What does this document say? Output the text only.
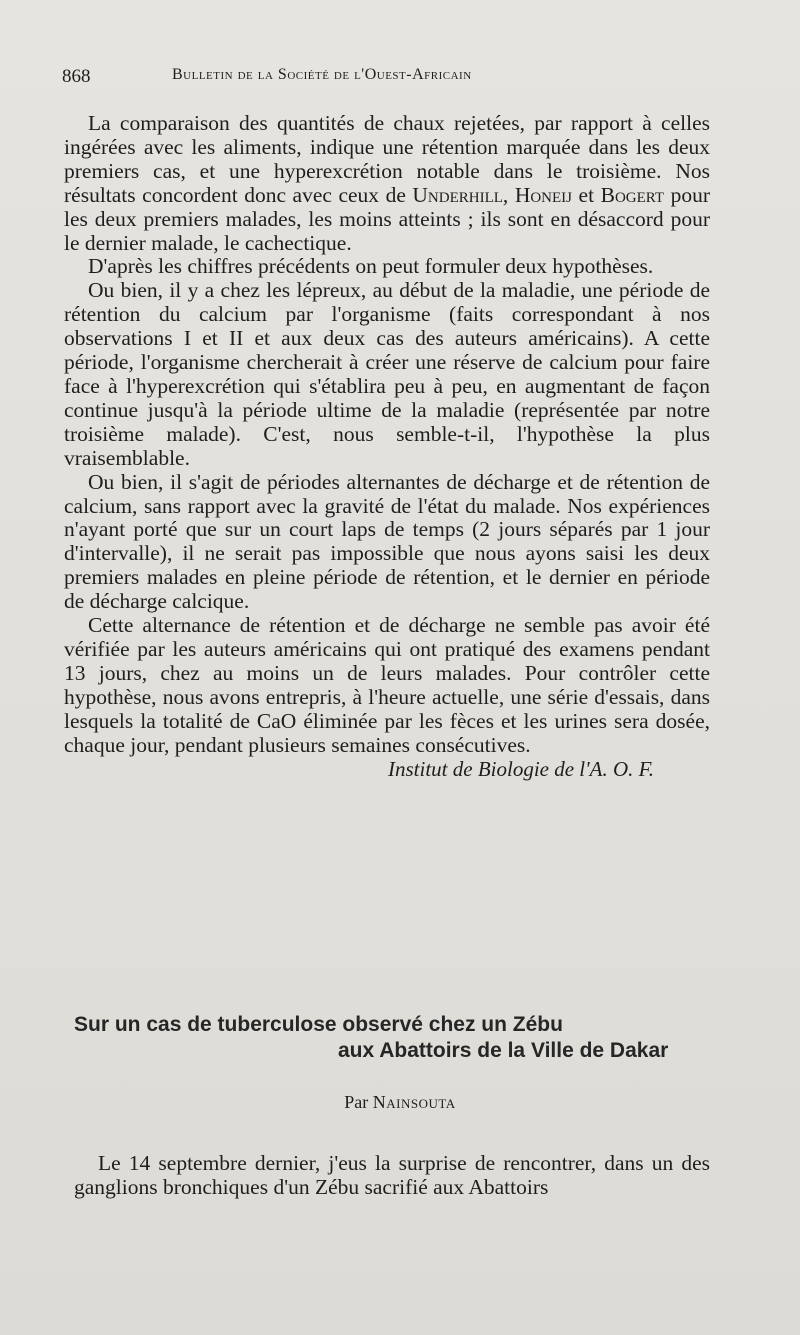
868	Bulletin de la Société de l'Ouest-Africain

La comparaison des quantités de chaux rejetées, par rapport à celles ingérées avec les aliments, indique une rétention marquée dans les deux premiers cas, et une hyperexcrétion notable dans le troisième. Nos résultats concordent donc avec ceux de Underhill, Honeij et Bogert pour les deux premiers malades, les moins atteints ; ils sont en désaccord pour le dernier malade, le cachectique.

D'après les chiffres précédents on peut formuler deux hypothèses.

Ou bien, il y a chez les lépreux, au début de la maladie, une période de rétention du calcium par l'organisme (faits correspondant à nos observations I et II et aux deux cas des auteurs américains). A cette période, l'organisme chercherait à créer une réserve de calcium pour faire face à l'hyperexcrétion qui s'établira peu à peu, en augmentant de façon continue jusqu'à la période ultime de la maladie (représentée par notre troisième malade). C'est, nous semble-t-il, l'hypothèse la plus vraisemblable.

Ou bien, il s'agit de périodes alternantes de décharge et de rétention de calcium, sans rapport avec la gravité de l'état du malade. Nos expériences n'ayant porté que sur un court laps de temps (2 jours séparés par 1 jour d'intervalle), il ne serait pas impossible que nous ayons saisi les deux premiers malades en pleine période de rétention, et le dernier en période de décharge calcique.

Cette alternance de rétention et de décharge ne semble pas avoir été vérifiée par les auteurs américains qui ont pratiqué des examens pendant 13 jours, chez au moins un de leurs malades. Pour contrôler cette hypothèse, nous avons entrepris, à l'heure actuelle, une série d'essais, dans lesquels la totalité de CaO éliminée par les fèces et les urines sera dosée, chaque jour, pendant plusieurs semaines consécutives.

Institut de Biologie de l'A. O. F.

Sur un cas de tuberculose observé chez un Zébu
aux Abattoirs de la Ville de Dakar
Par Nainsouta

Le 14 septembre dernier, j'eus la surprise de rencontrer, dans un des ganglions bronchiques d'un Zébu sacrifié aux Abattoirs
